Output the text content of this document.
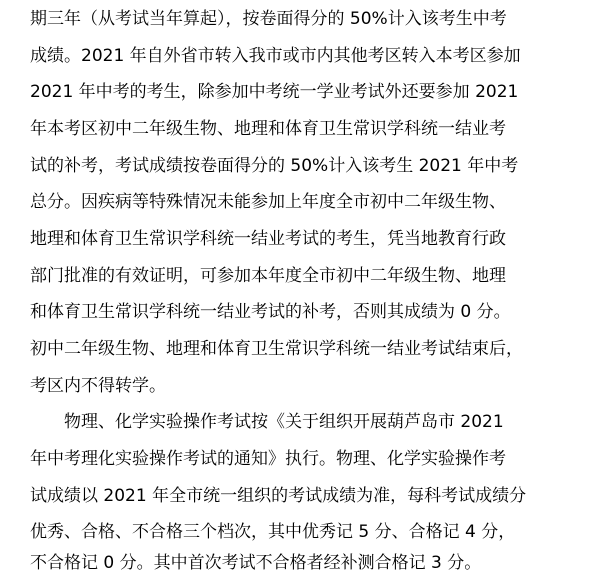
期三年（从考试当年算起），按卷面得分的 50%计入该考生中考
成绩。2021 年自外省市转入我市或市内其他考区转入本考区参加
2021 年中考的考生，除参加中考统一学业考试外还要参加 2021
年本考区初中二年级生物、地理和体育卫生常识学科统一结业考
试的补考，考试成绩按卷面得分的 50%计入该考生 2021 年中考
总分。因疾病等特殊情况未能参加上年度全市初中二年级生物、
地理和体育卫生常识学科统一结业考试的考生，凭当地教育行政
部门批准的有效证明，可参加本年度全市初中二年级生物、地理
和体育卫生常识学科统一结业考试的补考，否则其成绩为 0 分。
初中二年级生物、地理和体育卫生常识学科统一结业考试结束后，
考区内不得转学。
物理、化学实验操作考试按《关于组织开展葫芦岛市 2021
年中考理化实验操作考试的通知》执行。物理、化学实验操作考
试成绩以 2021 年全市统一组织的考试成绩为准，每科考试成绩分
优秀、合格、不合格三个档次，其中优秀记 5 分、合格记 4 分，
不合格记 0 分。其中首次考试不合格者经补测合格记 3 分。
